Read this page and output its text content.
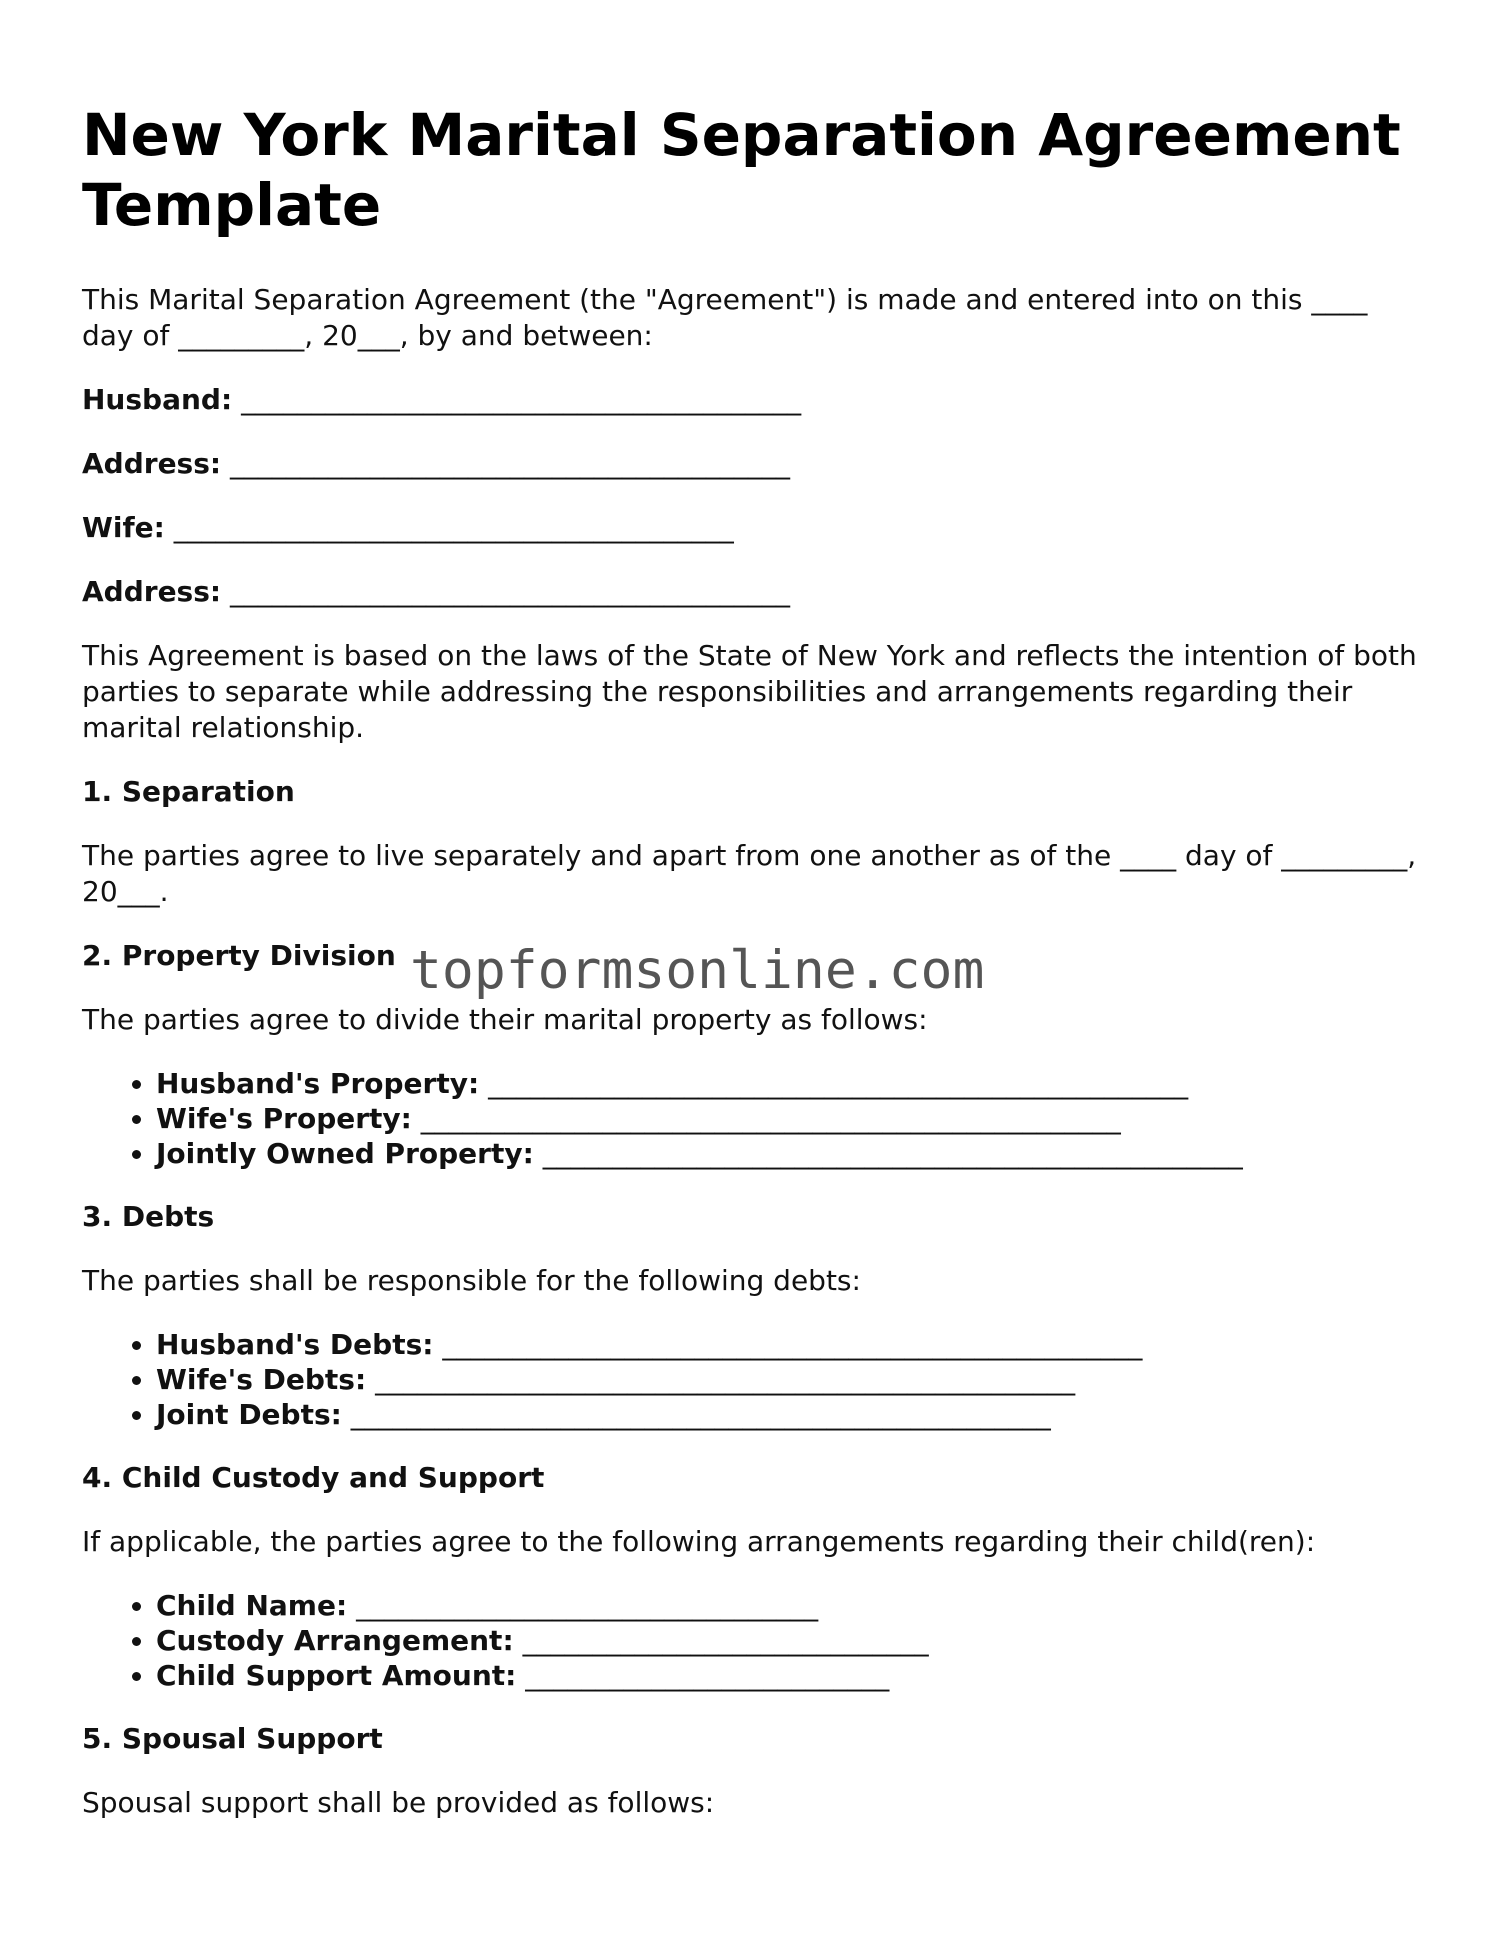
New York Marital Separation Agreement Template

This Marital Separation Agreement (the "Agreement") is made and entered into on this ____ day of _________, 20___, by and between:

Husband: ________________________________________
Address: ________________________________________
Wife: ________________________________________
Address: ________________________________________

This Agreement is based on the laws of the State of New York and reflects the intention of both parties to separate while addressing the responsibilities and arrangements regarding their marital relationship.

1. Separation

The parties agree to live separately and apart from one another as of the ____ day of _________, 20___.

2. Property Division

The parties agree to divide their marital property as follows:

• Husband's Property: __________________________________________________
• Wife's Property: __________________________________________________
• Jointly Owned Property: __________________________________________________
3. Debts

The parties shall be responsible for the following debts:

• Husband's Debts: __________________________________________________
• Wife's Debts: __________________________________________________
• Joint Debts: __________________________________________________
4. Child Custody and Support

If applicable, the parties agree to the following arrangements regarding their child(ren):

• Child Name: _________________________________
• Custody Arrangement: _____________________________
• Child Support Amount: __________________________
5. Spousal Support

Spousal support shall be provided as follows:

topformsonline.com
